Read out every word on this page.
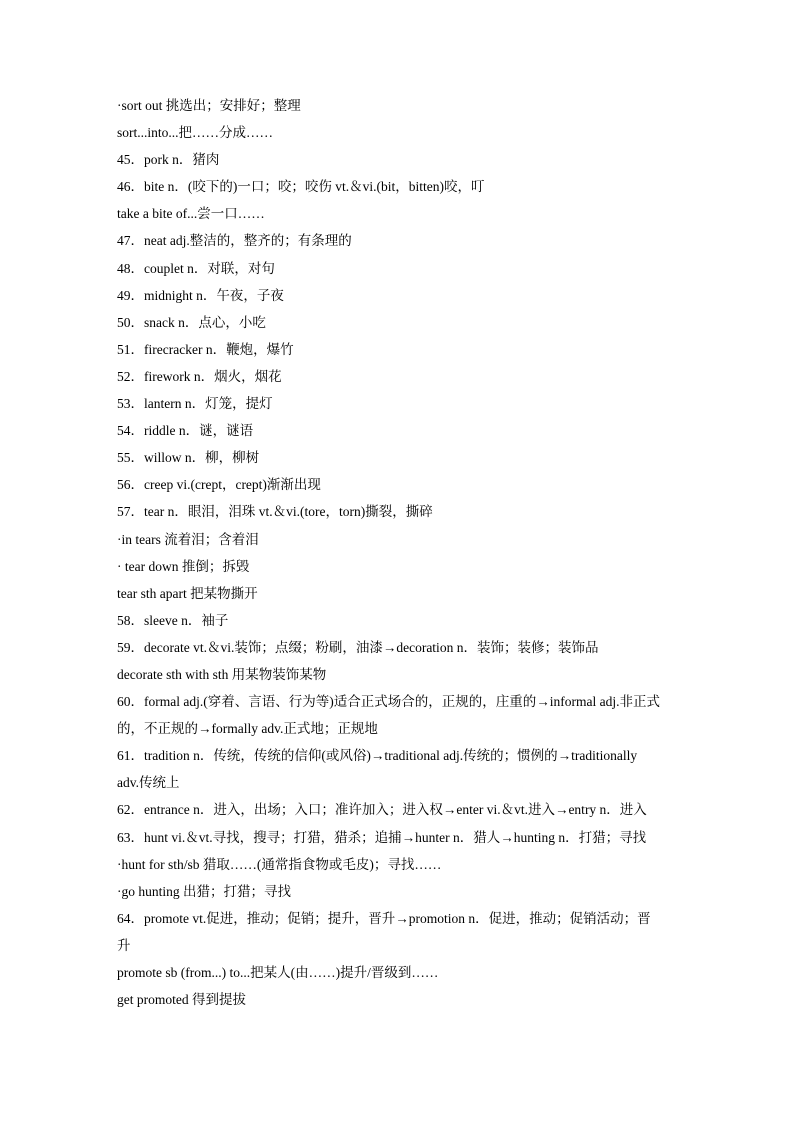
·sort out 挑选出；安排好；整理
sort...into...把……分成……
45．pork n．猪肉
46．bite n．(咬下的)一口；咬；咬伤 vt.＆vi.(bit，bitten)咬，叮
take a bite of...尝一口……
47．neat adj.整洁的，整齐的；有条理的
48．couplet n．对联，对句
49．midnight n．午夜，子夜
50．snack n．点心，小吃
51．firecracker n．鞭炮，爆竹
52．firework n．烟火，烟花
53．lantern n．灯笼，提灯
54．riddle n．谜，谜语
55．willow n．柳，柳树
56．creep vi.(crept，crept)渐渐出现
57．tear n．眼泪，泪珠 vt.＆vi.(tore，torn)撕裂，撕碎
·in tears 流着泪；含着泪
· tear down 推倒；拆毁
tear sth apart 把某物撕开
58．sleeve n．袖子
59．decorate vt.＆vi.装饰；点缀；粉刷，油漆→decoration n．装饰；装修；装饰品
decorate sth with sth 用某物装饰某物
60．formal adj.(穿着、言语、行为等)适合正式场合的，正规的，庄重的→informal adj.非正式
的，不正规的→formally adv.正式地；正规地
61．tradition n．传统，传统的信仰(或风俗)→traditional adj.传统的；惯例的→traditionally
adv.传统上
62．entrance n．进入，出场；入口；准许加入；进入权→enter vi.＆vt.进入→entry n．进入
63．hunt vi.＆vt.寻找，搜寻；打猎，猎杀；追捕→hunter n．猎人→hunting n．打猎；寻找
·hunt for sth/sb 猎取……(通常指食物或毛皮)；寻找……
·go hunting 出猎；打猎；寻找
64．promote vt.促进，推动；促销；提升，晋升→promotion n．促进，推动；促销活动；晋
升
promote sb (from...) to...把某人(由……)提升/晋级到……
get promoted 得到提拔
